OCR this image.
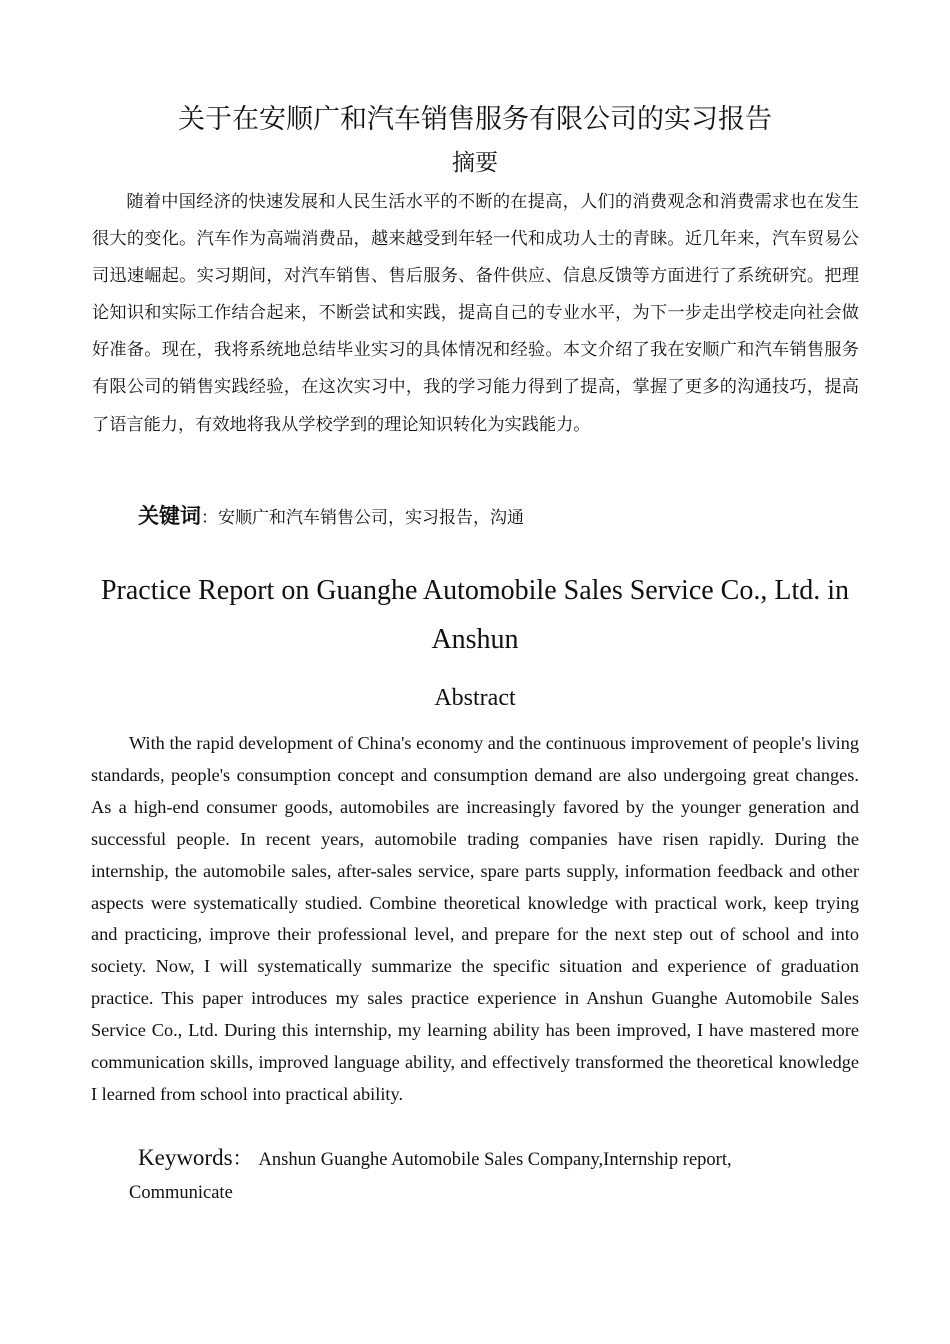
关于在安顺广和汽车销售服务有限公司的实习报告
摘要

随着中国经济的快速发展和人民生活水平的不断的在提高，人们的消费观念和消费需求也在发生很大的变化。汽车作为高端消费品，越来越受到年轻一代和成功人士的青睐。近几年来，汽车贸易公司迅速崛起。实习期间，对汽车销售、售后服务、备件供应、信息反馈等方面进行了系统研究。把理论知识和实际工作结合起来，不断尝试和实践，提高自己的专业水平，为下一步走出学校走向社会做好准备。现在，我将系统地总结毕业实习的具体情况和经验。本文介绍了我在安顺广和汽车销售服务有限公司的销售实践经验，在这次实习中，我的学习能力得到了提高，掌握了更多的沟通技巧，提高了语言能力，有效地将我从学校学到的理论知识转化为实践能力。

关键词：安顺广和汽车销售公司，实习报告，沟通
Practice Report on Guanghe Automobile Sales Service Co., Ltd. in Anshun
Abstract

With the rapid development of China's economy and the continuous improvement of people's living standards, people's consumption concept and consumption demand are also undergoing great changes. As a high-end consumer goods, automobiles are increasingly favored by the younger generation and successful people. In recent years, automobile trading companies have risen rapidly. During the internship, the automobile sales, after-sales service, spare parts supply, information feedback and other aspects were systematically studied. Combine theoretical knowledge with practical work, keep trying and practicing, improve their professional level, and prepare for the next step out of school and into society. Now, I will systematically summarize the specific situation and experience of graduation practice. This paper introduces my sales practice experience in Anshun Guanghe Automobile Sales Service Co., Ltd. During this internship, my learning ability has been improved, I have mastered more communication skills, improved language ability, and effectively transformed the theoretical knowledge I learned from school into practical ability.

Keywords： Anshun Guanghe Automobile Sales Company,Internship report, Communicate
